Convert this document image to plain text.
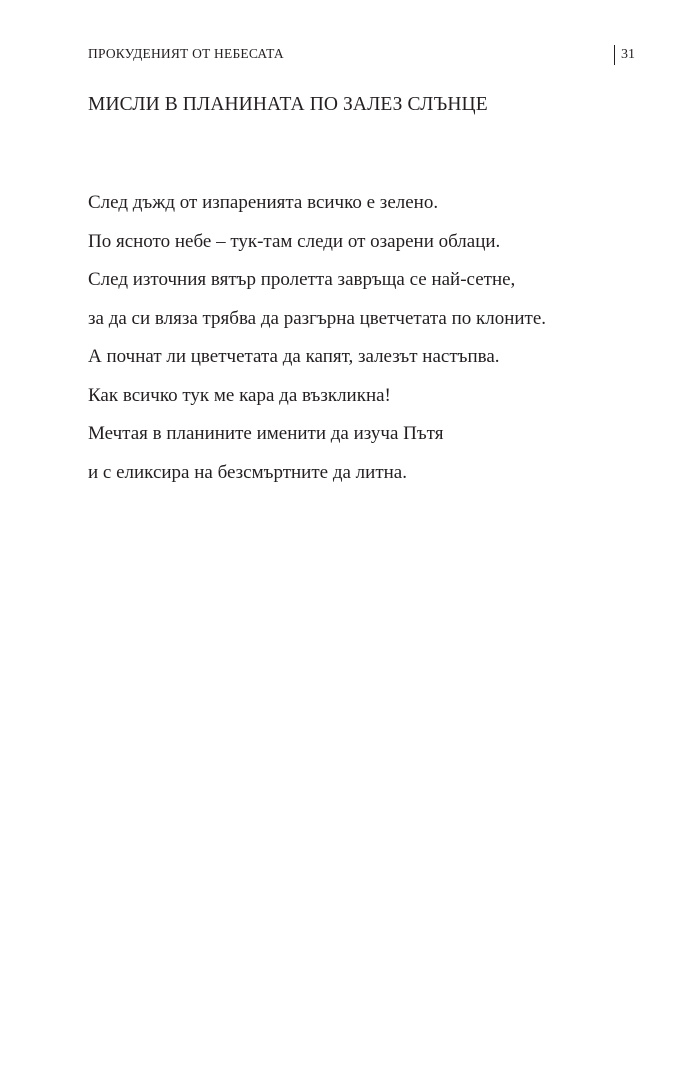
ПРОКУДЕНИЯТ ОТ НЕБЕСАТА	31
МИСЛИ В ПЛАНИНАТА ПО ЗАЛЕЗ СЛЪНЦЕ
След дъжд от изпаренията всичко е зелено.
По ясното небе – тук-там следи от озарени облаци.
След източния вятър пролетта завръща се най-сетне,
за да си вляза трябва да разгърна цветчетата по клоните.
А почнат ли цветчетата да капят, залезът настъпва.
Как всичко тук ме кара да възкликна!
Мечтая в планините именити да изуча Пътя
и с еликсира на безсмъртните да литна.
